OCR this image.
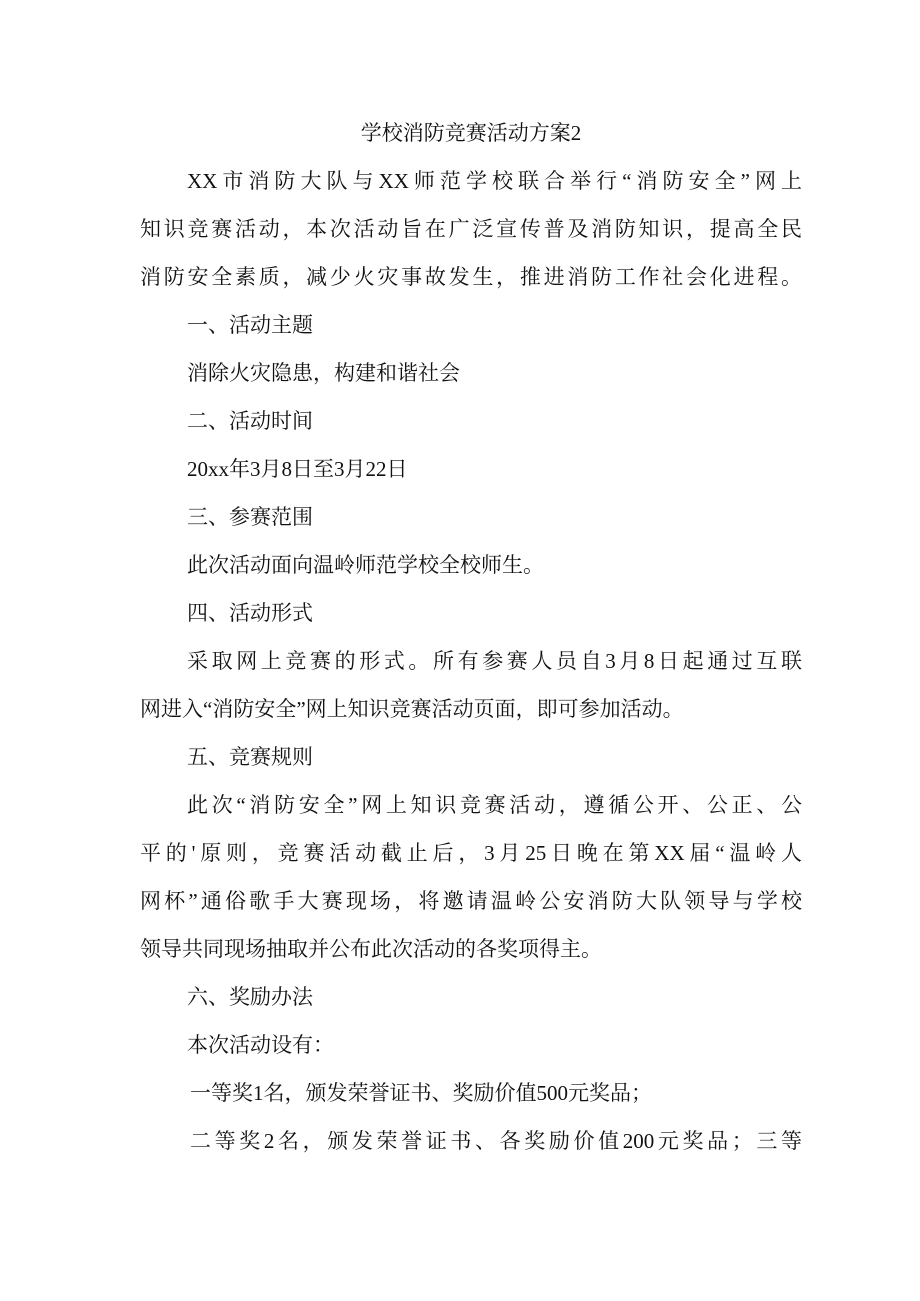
学校消防竞赛活动方案2
XX市消防大队与XX师范学校联合举行“消防安全”网上
知识竞赛活动，本次活动旨在广泛宣传普及消防知识，提高全民
消防安全素质，减少火灾事故发生，推进消防工作社会化进程。
一、活动主题
消除火灾隐患，构建和谐社会
二、活动时间
20xx年3月8日至3月22日
三、参赛范围
此次活动面向温岭师范学校全校师生。
四、活动形式
采取网上竞赛的形式。所有参赛人员自3月8日起通过互联
网进入“消防安全”网上知识竞赛活动页面，即可参加活动。
五、竞赛规则
此次“消防安全”网上知识竞赛活动，遵循公开、公正、公
平的'原则，竞赛活动截止后，3月25日晚在第XX届“温岭人
网杯”通俗歌手大赛现场，将邀请温岭公安消防大队领导与学校
领导共同现场抽取并公布此次活动的各奖项得主。
六、奖励办法
本次活动设有：
一等奖1名，颁发荣誉证书、奖励价值500元奖品；
二等奖2名，颁发荣誉证书、各奖励价值200元奖品；三等
